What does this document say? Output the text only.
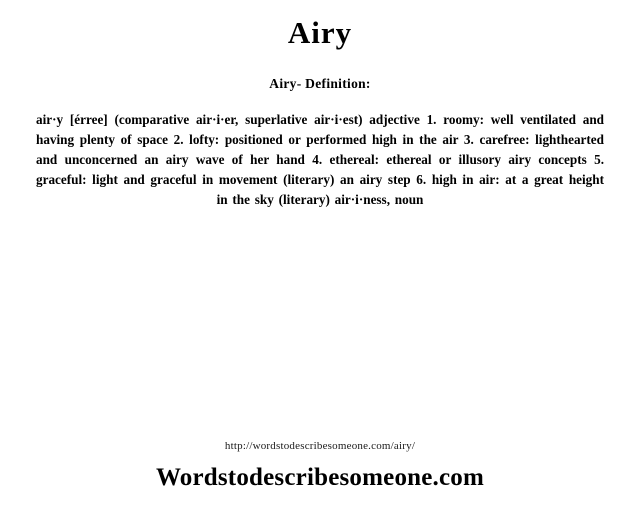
Airy
Airy- Definition:

air·y [érree] (comparative air·i·er, superlative air·i·est) adjective 1. roomy: well ventilated and having plenty of space 2. lofty: positioned or performed high in the air 3. carefree: lighthearted and unconcerned an airy wave of her hand 4. ethereal: ethereal or illusory airy concepts 5. graceful: light and graceful in movement (literary) an airy step 6. high in air: at a great height in the sky (literary) air·i·ness, noun

http://wordstodescribesomeone.com/airy/
Wordstodescribesomeone.com
